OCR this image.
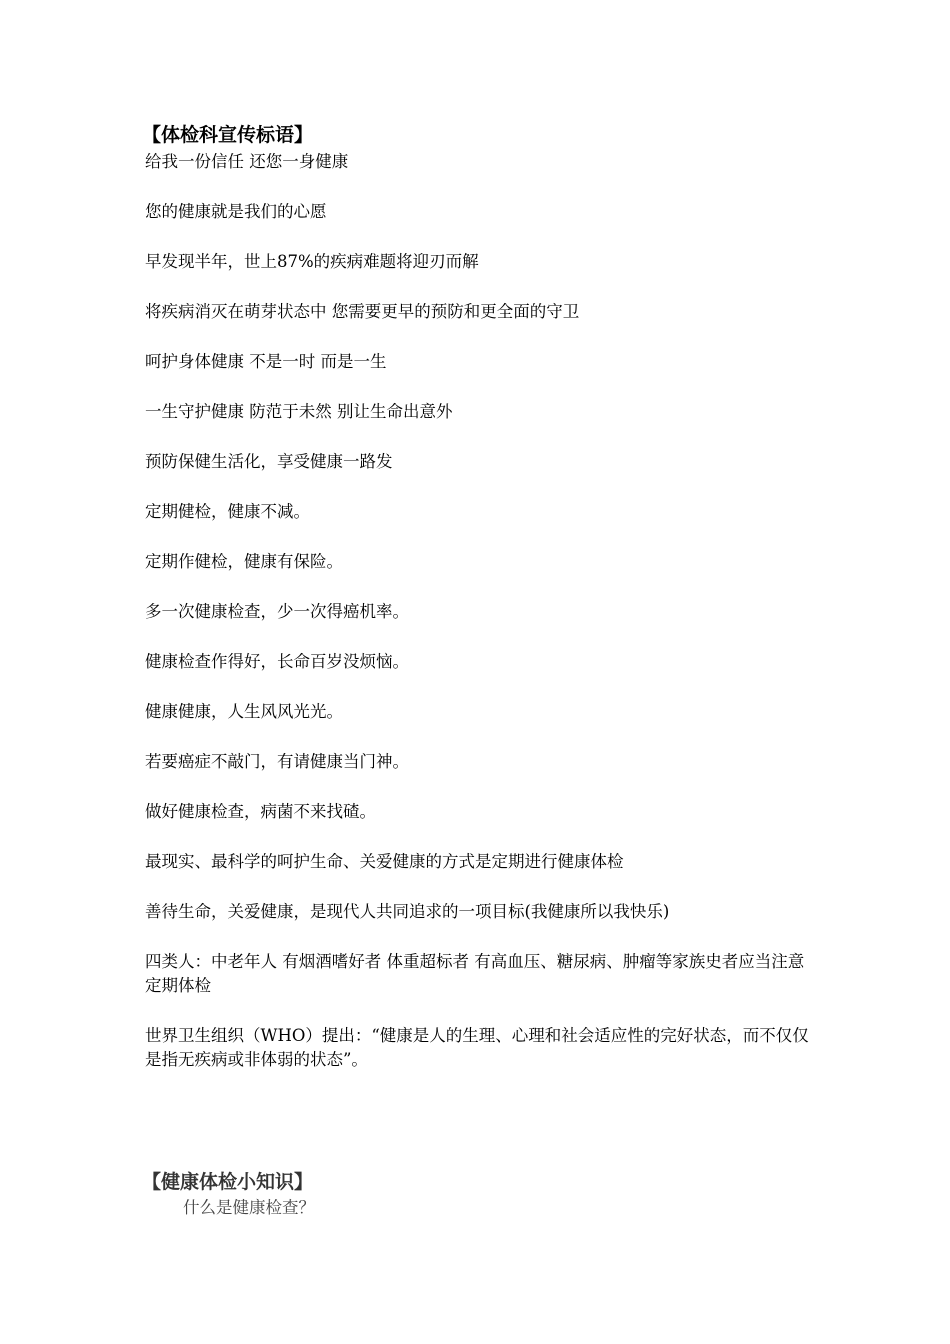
【体检科宣传标语】
给我一份信任 还您一身健康
您的健康就是我们的心愿
早发现半年，世上87%的疾病难题将迎刃而解
将疾病消灭在萌芽状态中 您需要更早的预防和更全面的守卫
呵护身体健康 不是一时 而是一生
一生守护健康 防范于未然 别让生命出意外
预防保健生活化，享受健康一路发
定期健检，健康不减。
定期作健检，健康有保险。
多一次健康检查，少一次得癌机率。
健康检查作得好，长命百岁没烦恼。
健康健康，人生风风光光。
若要癌症不敲门，有请健康当门神。
做好健康检查，病菌不来找碴。
最现实、最科学的呵护生命、关爱健康的方式是定期进行健康体检
善待生命，关爱健康，是现代人共同追求的一项目标(我健康所以我快乐)
四类人：中老年人 有烟酒嗜好者 体重超标者 有高血压、糖尿病、肿瘤等家族史者应当注意定期体检
世界卫生组织（WHO）提出：“健康是人的生理、心理和社会适应性的完好状态，而不仅仅是指无疾病或非体弱的状态”。
【健康体检小知识】
什么是健康检查？
